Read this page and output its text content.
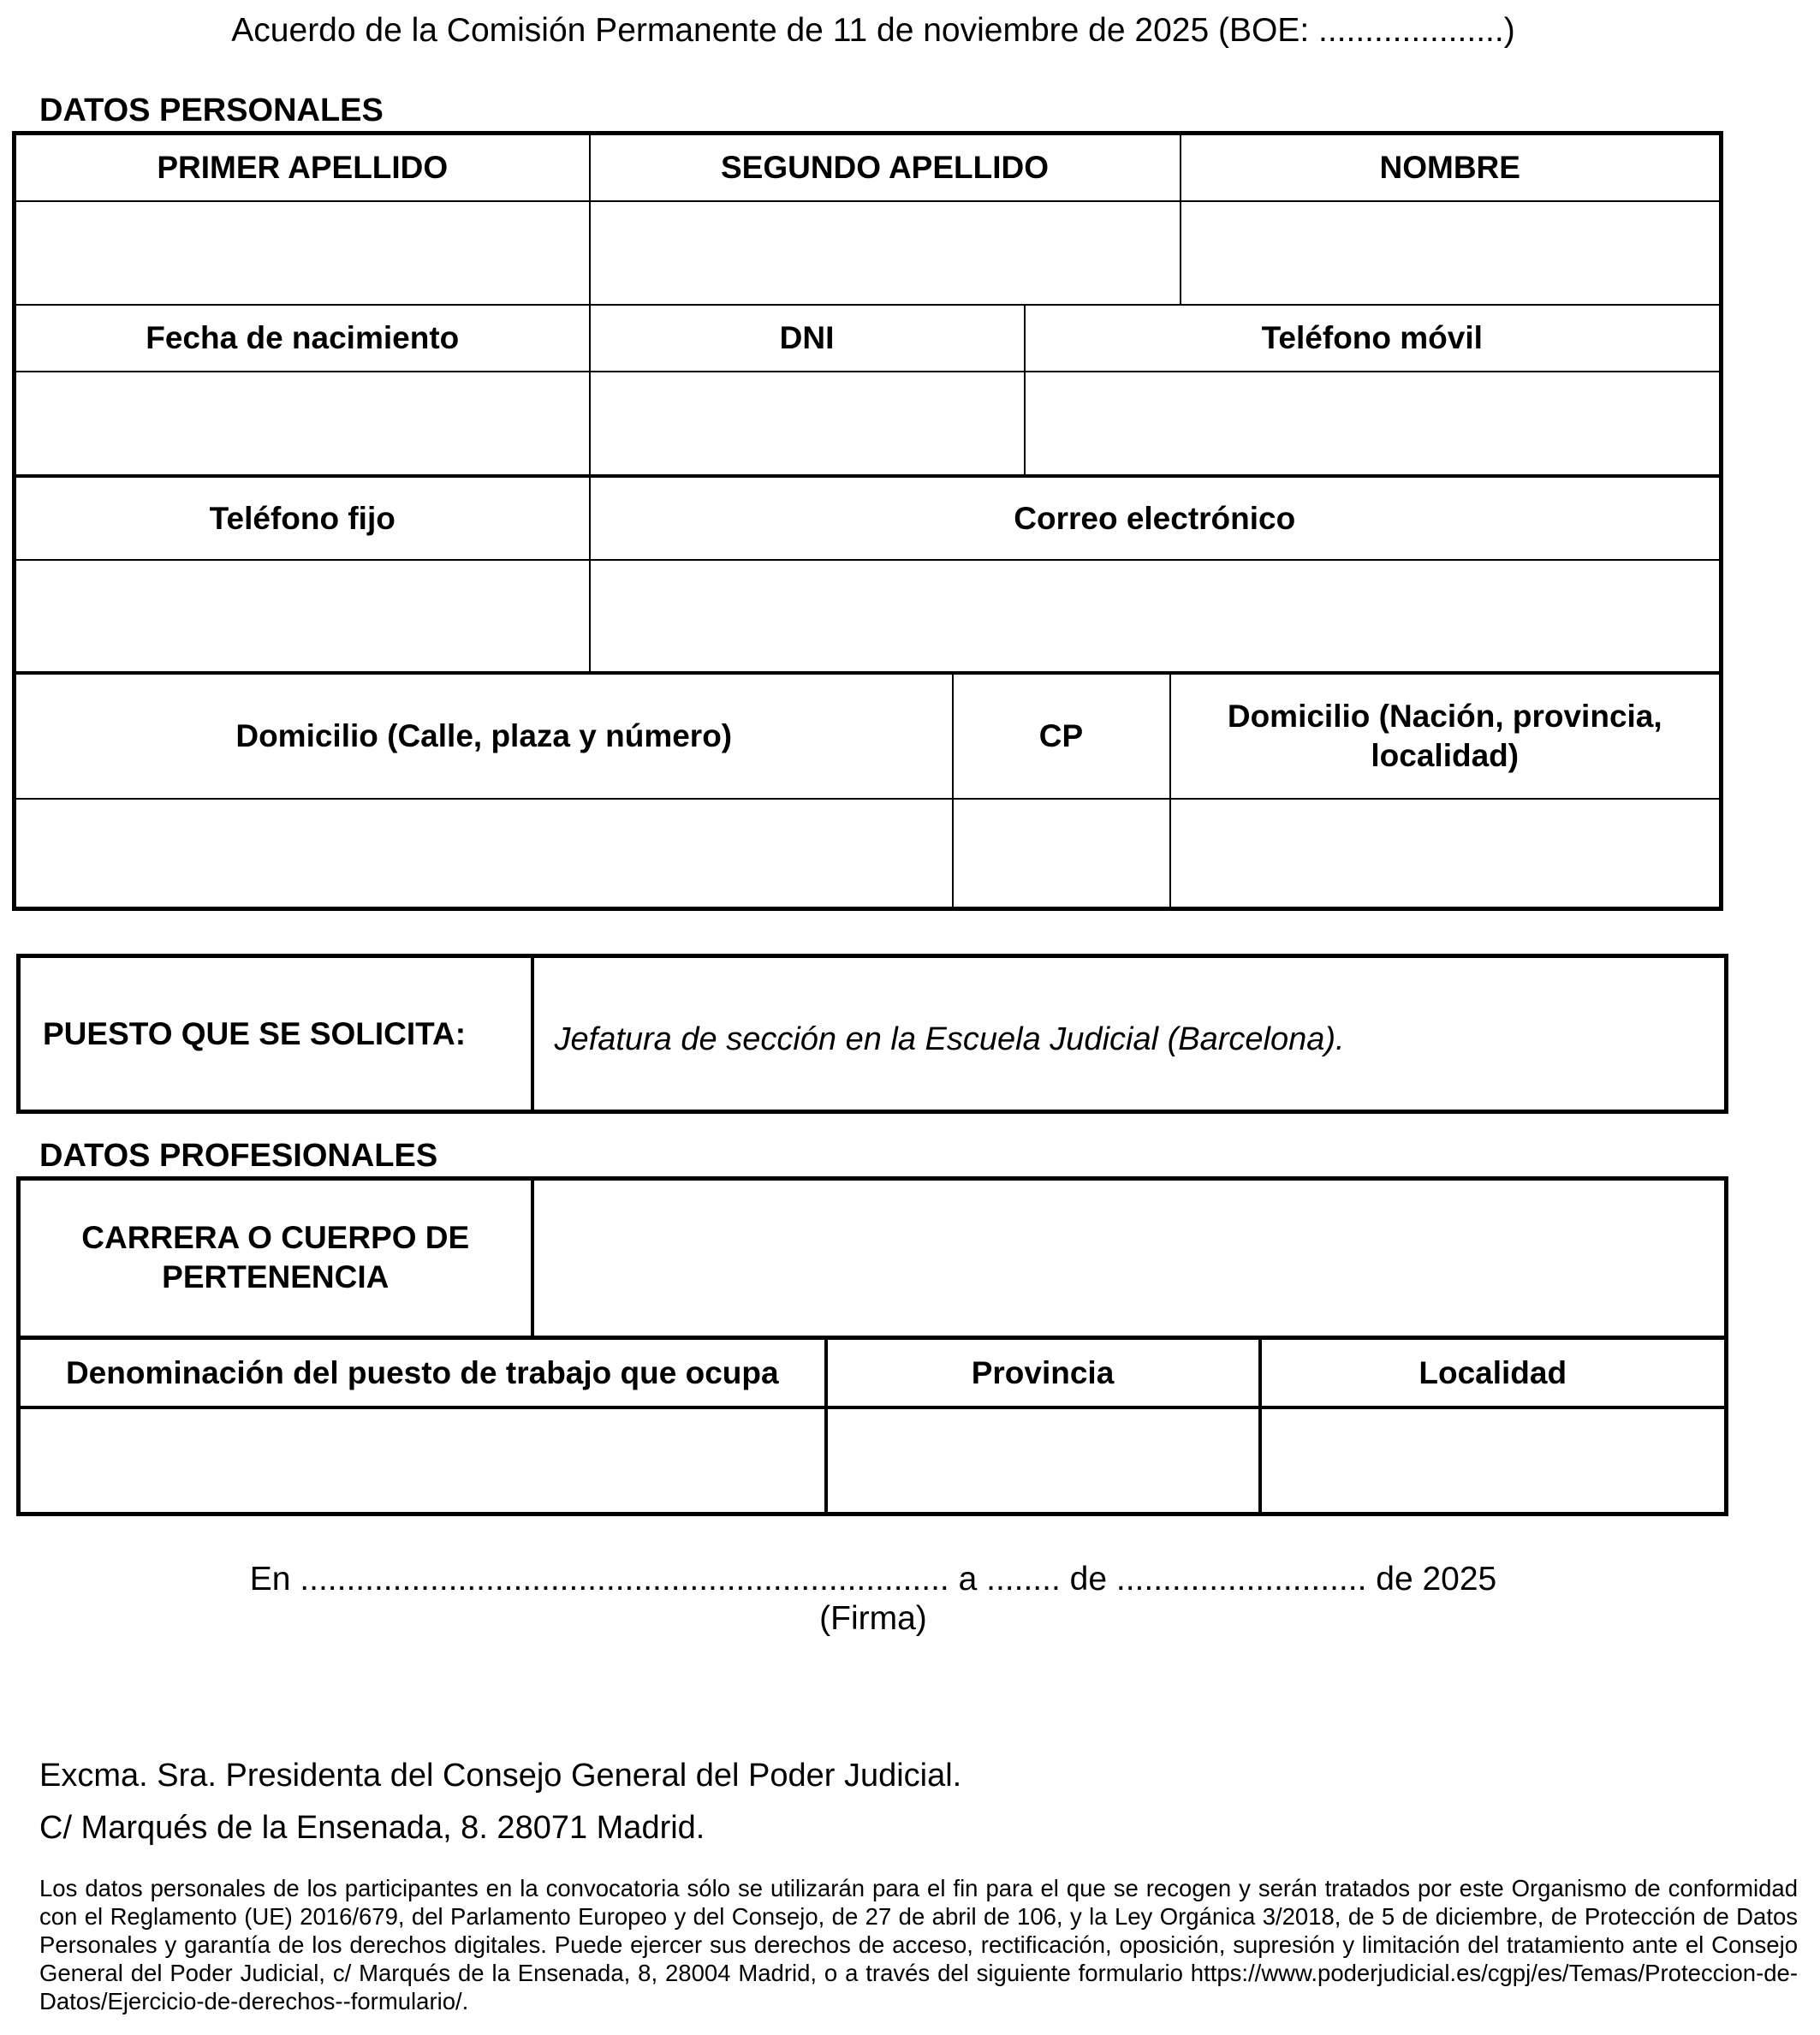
Acuerdo de la Comisión Permanente de 11 de noviembre de 2025 (BOE: ....................)
DATOS PERSONALES
PRIMER APELLIDO	SEGUNDO APELLIDO	NOMBRE

Fecha de nacimiento	DNI	Teléfono móvil

Teléfono fijo	Correo electrónico

Domicilio (Calle, plaza y número)	CP	Domicilio (Nación, provincia,
localidad)

PUESTO QUE SE SOLICITA:	Jefatura de sección en la Escuela Judicial (Barcelona).
DATOS PROFESIONALES
CARRERA O CUERPO DE
PERTENENCIA

Denominación del puesto de trabajo que ocupa	Provincia	Localidad

En ...................................................................... a ........ de ........................... de 2025
(Firma)
Excma. Sra. Presidenta del Consejo General del Poder Judicial.
C/ Marqués de la Ensenada, 8. 28071 Madrid.
Los datos personales de los participantes en la convocatoria sólo se utilizarán para el fin para el que se recogen y serán tratados por este Organismo de conformidad con el Reglamento (UE) 2016/679, del Parlamento Europeo y del Consejo, de 27 de abril de 106, y la Ley Orgánica 3/2018, de 5 de diciembre, de Protección de Datos Personales y garantía de los derechos digitales. Puede ejercer sus derechos de acceso, rectificación, oposición, supresión y limitación del tratamiento ante el Consejo General del Poder Judicial, c/ Marqués de la Ensenada, 8, 28004 Madrid, o a través del siguiente formulario https://www.poderjudicial.es/cgpj/es/Temas/Proteccion-de-Datos/Ejercicio-de-derechos--formulario/.
